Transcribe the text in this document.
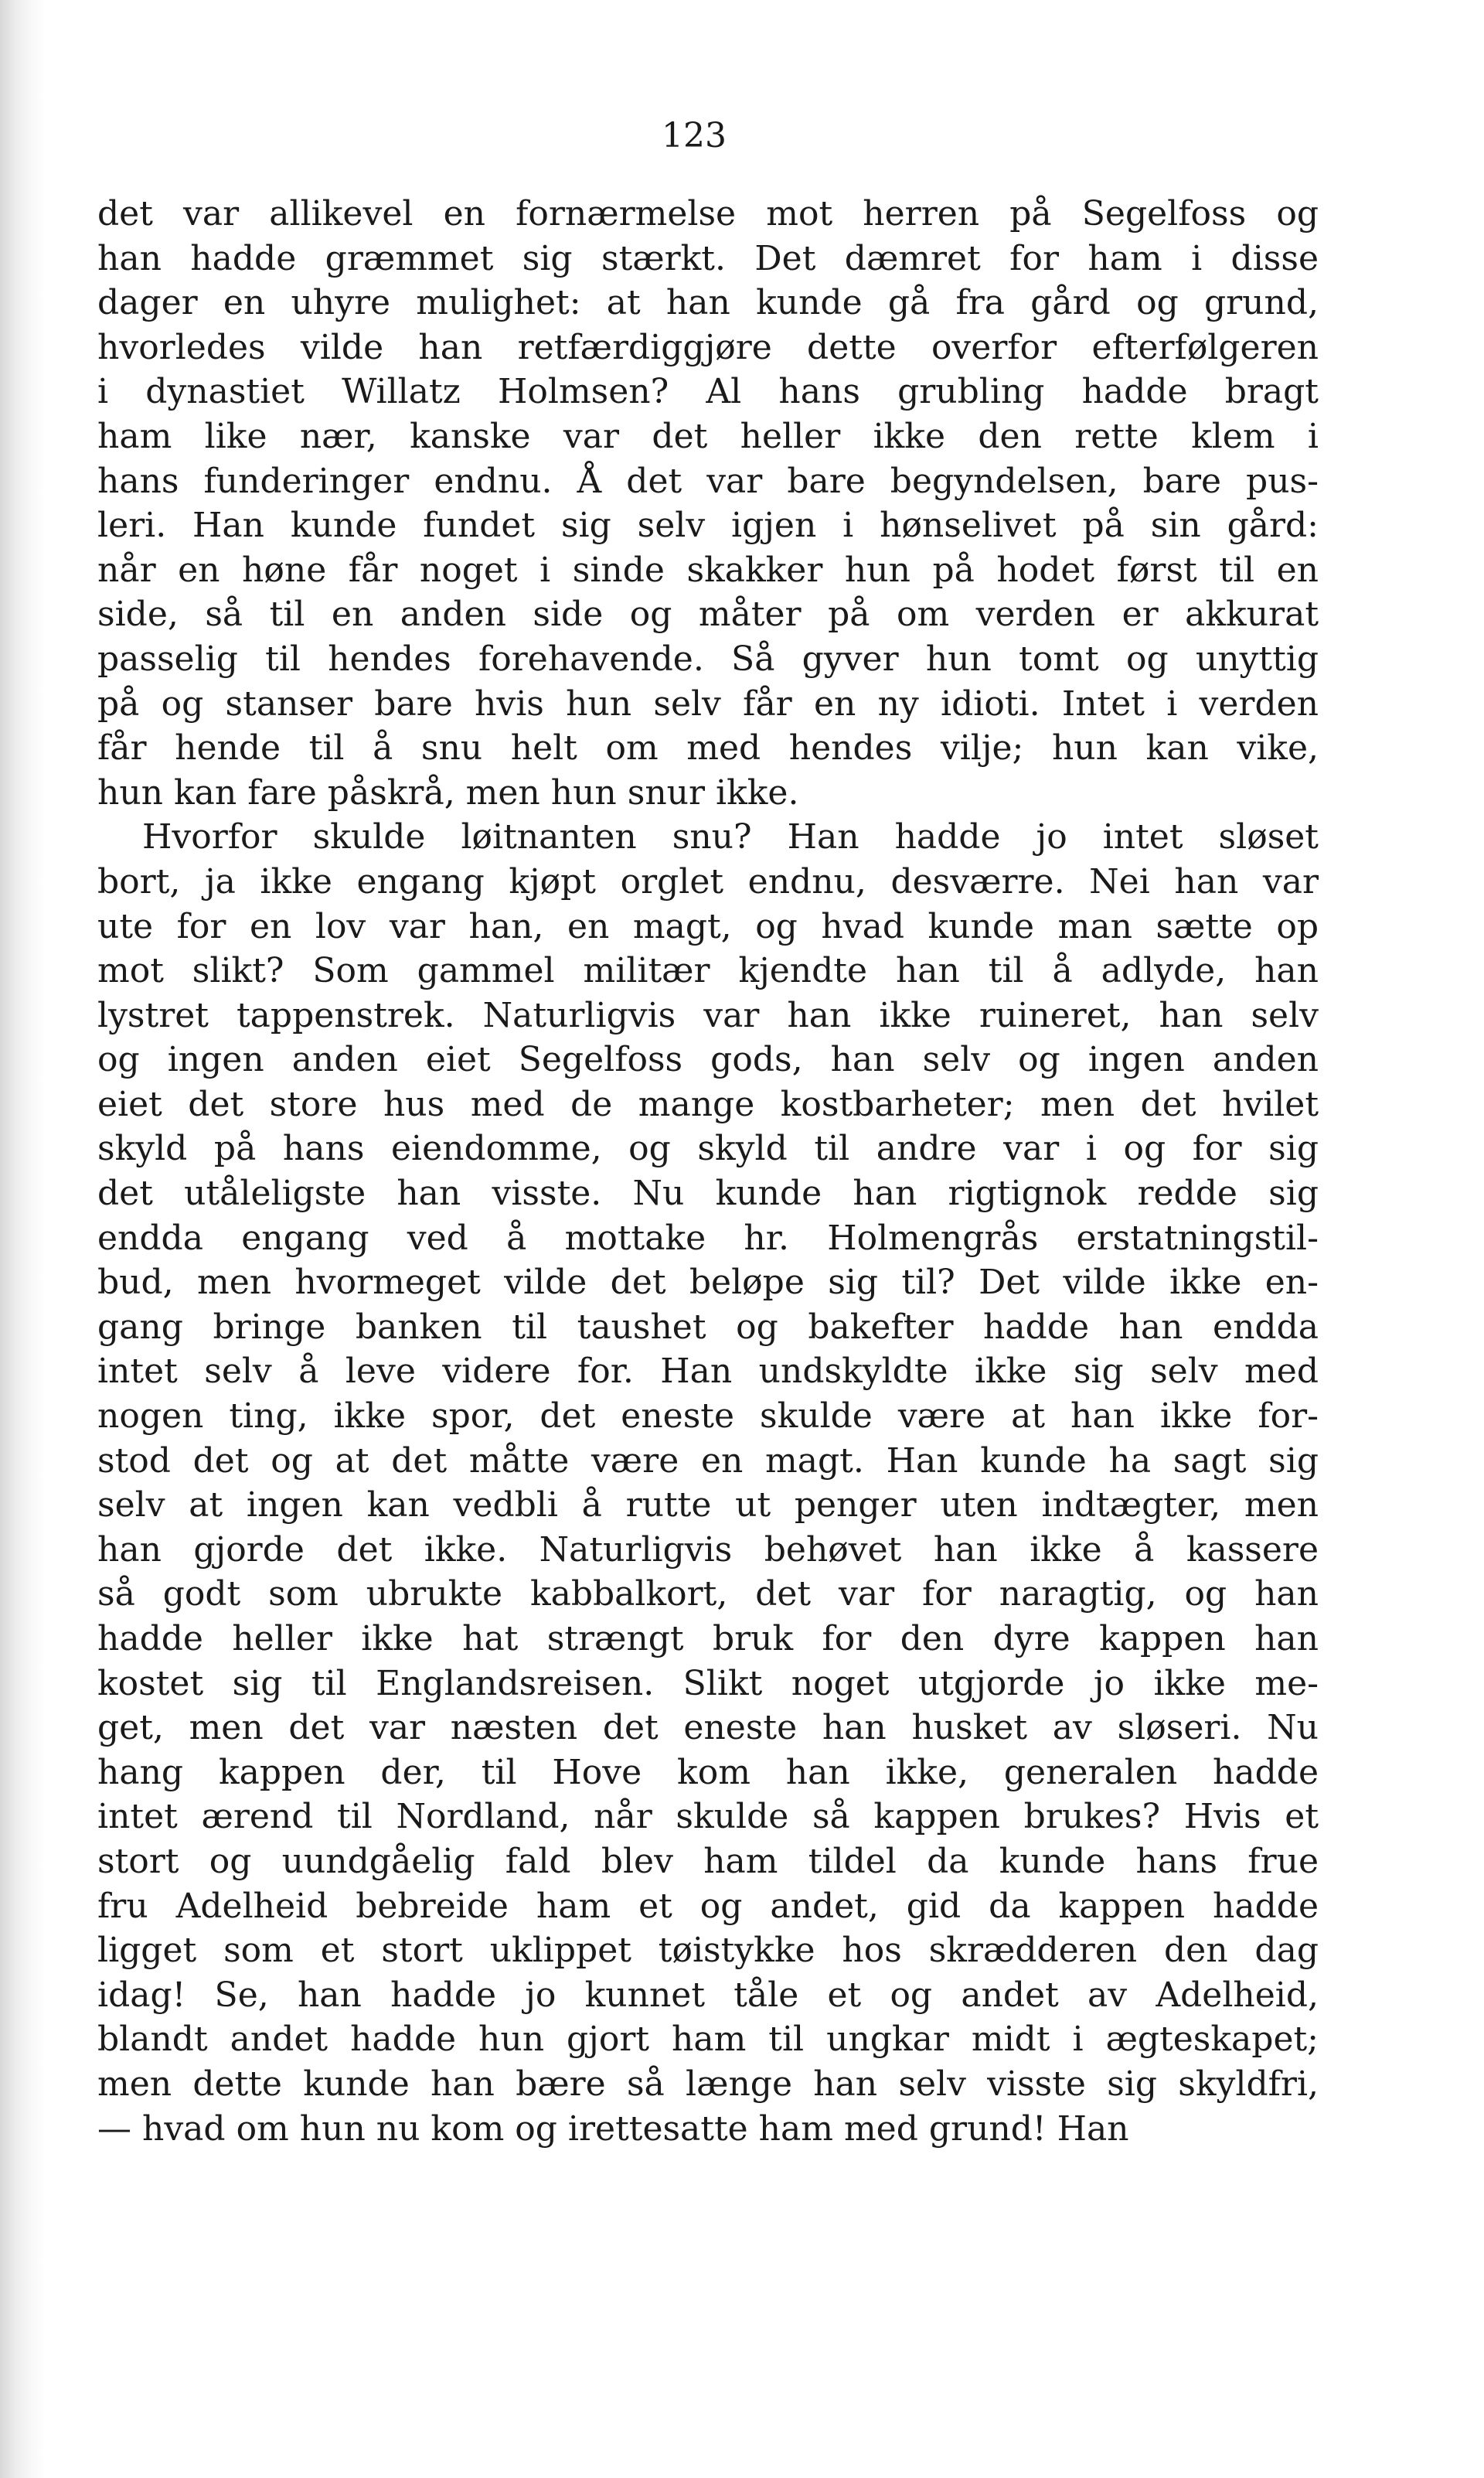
123
det var allikevel en fornærmelse mot herren på Segelfoss og
han hadde græmmet sig stærkt. Det dæmret for ham i disse
dager en uhyre mulighet: at han kunde gå fra gård og grund,
hvorledes vilde han retfærdiggjøre dette overfor efterfølgeren
i dynastiet Willatz Holmsen? Al hans grubling hadde bragt
ham like nær, kanske var det heller ikke den rette klem i
hans funderinger endnu. Å det var bare begyndelsen, bare pus-
leri. Han kunde fundet sig selv igjen i hønselivet på sin gård:
når en høne får noget i sinde skakker hun på hodet først til en
side, så til en anden side og måter på om verden er akkurat
passelig til hendes forehavende. Så gyver hun tomt og unyttig
på og stanser bare hvis hun selv får en ny idioti. Intet i verden
får hende til å snu helt om med hendes vilje; hun kan vike,
hun kan fare påskrå, men hun snur ikke.
Hvorfor skulde løitnanten snu? Han hadde jo intet sløset
bort, ja ikke engang kjøpt orglet endnu, desværre. Nei han var
ute for en lov var han, en magt, og hvad kunde man sætte op
mot slikt? Som gammel militær kjendte han til å adlyde, han
lystret tappenstrek. Naturligvis var han ikke ruineret, han selv
og ingen anden eiet Segelfoss gods, han selv og ingen anden
eiet det store hus med de mange kostbarheter; men det hvilet
skyld på hans eiendomme, og skyld til andre var i og for sig
det utåleligste han visste. Nu kunde han rigtignok redde sig
endda engang ved å mottake hr. Holmengrås erstatningstil-
bud, men hvormeget vilde det beløpe sig til? Det vilde ikke en-
gang bringe banken til taushet og bakefter hadde han endda
intet selv å leve videre for. Han undskyldte ikke sig selv med
nogen ting, ikke spor, det eneste skulde være at han ikke for-
stod det og at det måtte være en magt. Han kunde ha sagt sig
selv at ingen kan vedbli å rutte ut penger uten indtægter, men
han gjorde det ikke. Naturligvis behøvet han ikke å kassere
så godt som ubrukte kabbalkort, det var for naragtig, og han
hadde heller ikke hat strængt bruk for den dyre kappen han
kostet sig til Englandsreisen. Slikt noget utgjorde jo ikke me-
get, men det var næsten det eneste han husket av sløseri. Nu
hang kappen der, til Hove kom han ikke, generalen hadde
intet ærend til Nordland, når skulde så kappen brukes? Hvis et
stort og uundgåelig fald blev ham tildel da kunde hans frue
fru Adelheid bebreide ham et og andet, gid da kappen hadde
ligget som et stort uklippet tøistykke hos skrædderen den dag
idag! Se, han hadde jo kunnet tåle et og andet av Adelheid,
blandt andet hadde hun gjort ham til ungkar midt i ægteskapet;
men dette kunde han bære så længe han selv visste sig skyldfri,
— hvad om hun nu kom og irettesatte ham med grund! Han
